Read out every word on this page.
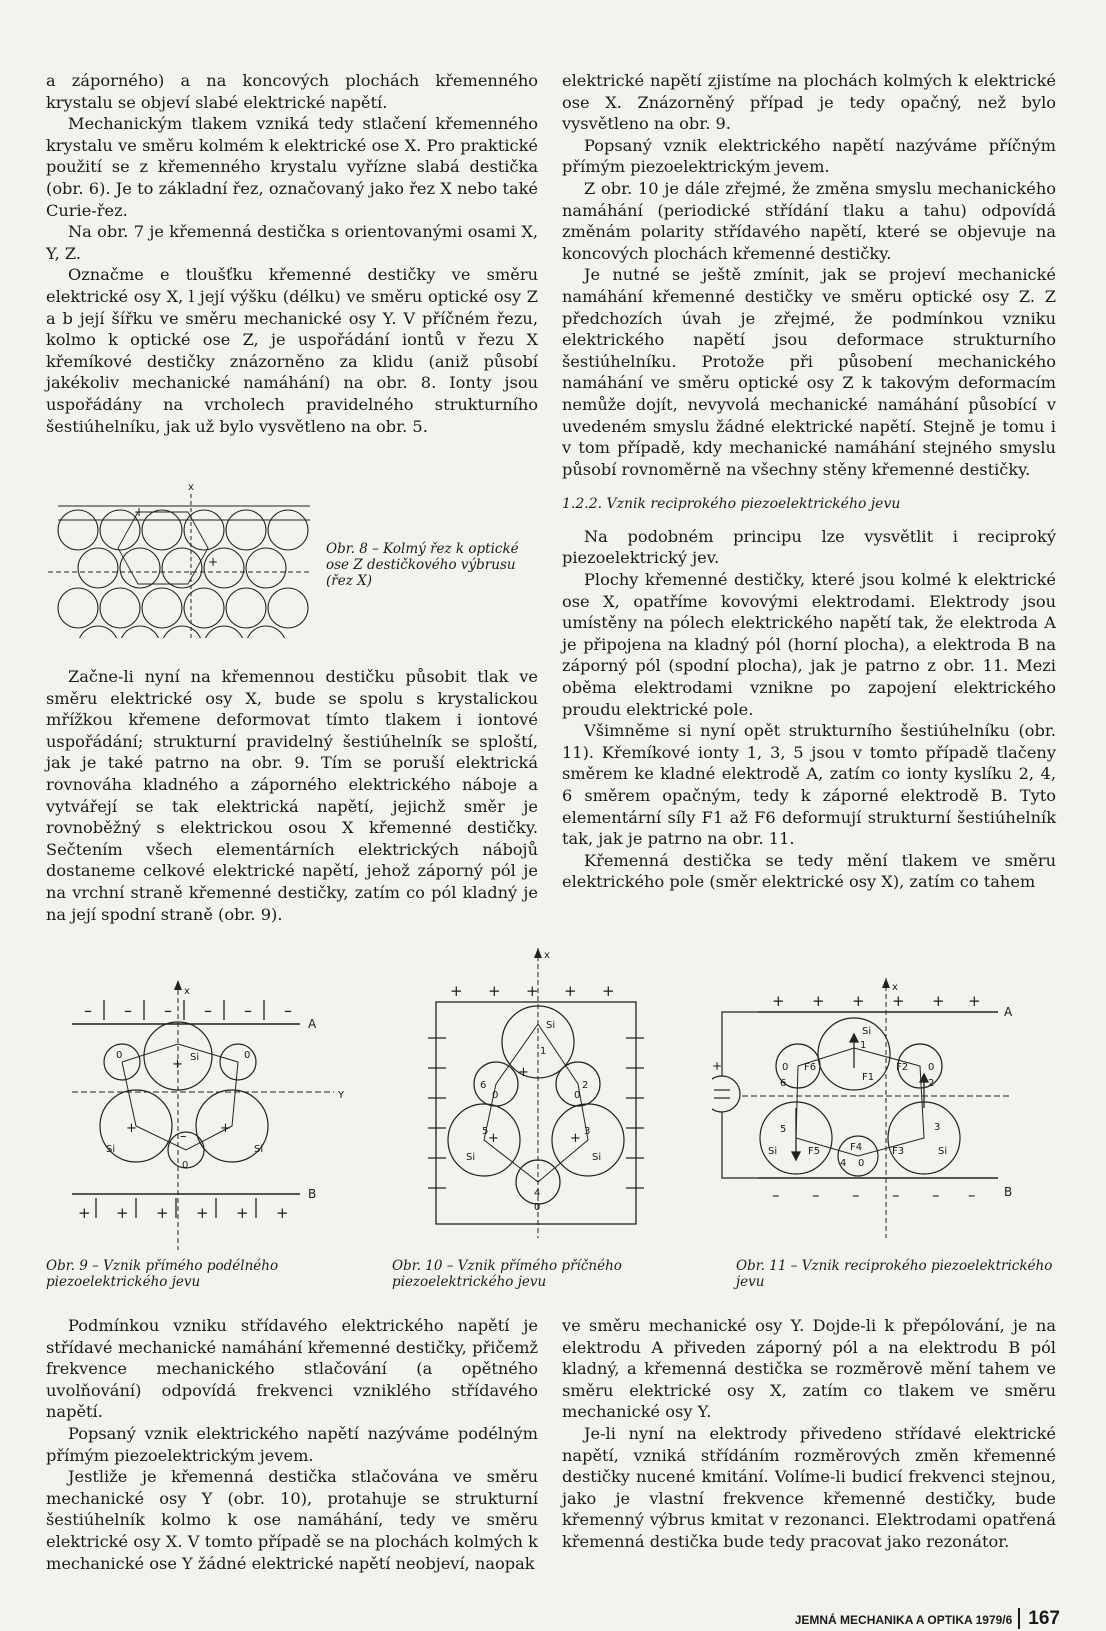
a záporného) a na koncových plochách křemenného krystalu se objeví slabé elektrické napětí.

Mechanickým tlakem vzniká tedy stlačení křemenného krystalu ve směru kolmém k elektrické ose X. Pro praktické použití se z křemenného krystalu vyřízne slabá destička (obr. 6). Je to základní řez, označovaný jako řez X nebo také Curie-řez.

Na obr. 7 je křemenná destička s orientovanými osami X, Y, Z.

Označme e tloušťku křemenné destičky ve směru elektrické osy X, l její výšku (délku) ve směru optické osy Z a b její šířku ve směru mechanické osy Y. V příčném řezu, kolmo k optické ose Z, je uspořádání iontů v řezu X křemíkové destičky znázorněno za klidu (aniž působí jakékoliv mechanické namáhání) na obr. 8. Ionty jsou uspořádány na vrcholech pravidelného strukturního šestiúhelníku, jak už bylo vysvětleno na obr. 5.

elektrické napětí zjistíme na plochách kolmých k elektrické ose X. Znázorněný případ je tedy opačný, než bylo vysvětleno na obr. 9.

Popsaný vznik elektrického napětí nazýváme příčným přímým piezoelektrickým jevem.

Z obr. 10 je dále zřejmé, že změna smyslu mechanického namáhání (periodické střídání tlaku a tahu) odpovídá změnám polarity střídavého napětí, které se objevuje na koncových plochách křemenné destičky.

Je nutné se ještě zmínit, jak se projeví mechanické namáhání křemenné destičky ve směru optické osy Z. Z předchozích úvah je zřejmé, že podmínkou vzniku elektrického napětí jsou deformace strukturního šestiúhelníku. Protože při působení mechanického namáhání ve směru optické osy Z k takovým deformacím nemůže dojít, nevyvolá mechanické namáhání působící v uvedeném smyslu žádné elektrické napětí. Stejně je tomu i v tom případě, kdy mechanické namáhání stejného smyslu působí rovnoměrně na všechny stěny křemenné destičky.

1.2.2. Vznik reciprokého piezoelektrického jevu

Na podobném principu lze vysvětlit i reciproký piezoelektrický jev.

Plochy křemenné destičky, které jsou kolmé k elektrické ose X, opatříme kovovými elektrodami. Elektrody jsou umístěny na pólech elektrického napětí tak, že elektroda A je připojena na kladný pól (horní plocha), a elektroda B na záporný pól (spodní plocha), jak je patrno z obr. 11. Mezi oběma elektrodami vznikne po zapojení elektrického proudu elektrické pole.

Všimněme si nyní opět strukturního šestiúhelníku (obr. 11). Křemíkové ionty 1, 3, 5 jsou v tomto případě tlačeny směrem ke kladné elektrodě A, zatím co ionty kyslíku 2, 4, 6 směrem opačným, tedy k záporné elektrodě B. Tyto elementární síly F1 až F6 deformují strukturní šestiúhelník tak, jak je patrno na obr. 11.

Křemenná destička se tedy mění tlakem ve směru elektrického pole (směr elektrické osy X), zatím co tahem

Začne-li nyní na křemennou destičku působit tlak ve směru elektrické osy X, bude se spolu s krystalickou mřížkou křemene deformovat tímto tlakem i iontové uspořádání; strukturní pravidelný šestiúhelník se sploští, jak je také patrno na obr. 9. Tím se poruší elektrická rovnováha kladného a záporného elektrického náboje a vytvářejí se tak elektrická napětí, jejichž směr je rovnoběžný s elektrickou osou X křemenné destičky. Sečtením všech elementárních elektrických nábojů dostaneme celkové elektrické napětí, jehož záporný pól je na vrchní straně křemenné destičky, zatím co pól kladný je na její spodní straně (obr. 9).

Podmínkou vzniku střídavého elektrického napětí je střídavé mechanické namáhání křemenné destičky, přičemž frekvence mechanického stlačování (a opětného uvolňování) odpovídá frekvenci vzniklého střídavého napětí.

Popsaný vznik elektrického napětí nazýváme podélným přímým piezoelektrickým jevem.

Jestliže je křemenná destička stlačována ve směru mechanické osy Y (obr. 10), protahuje se strukturní šestiúhelník kolmo k ose namáhání, tedy ve směru elektrické osy X. V tomto případě se na plochách kolmých k mechanické ose Y žádné elektrické napětí neobjeví, naopak

ve směru mechanické osy Y. Dojde-li k přepólování, je na elektrodu A přiveden záporný pól a na elektrodu B pól kladný, a křemenná destička se rozměrově mění tahem ve směru elektrické osy X, zatím co tlakem ve směru mechanické osy Y.

Je-li nyní na elektrody přivedeno střídavé elektrické napětí, vzniká střídáním rozměrových změn křemenné destičky nucené kmitání. Volíme-li budicí frekvenci stejnou, jako je vlastní frekvence křemenné destičky, bude křemenný výbrus kmitat v rezonanci. Elektrodami opatřená křemenná destička bude tedy pracovat jako rezonátor.

x
+
+
Obr. 8 – Kolmý řez k optické ose Z destičkového výbrusu (řez X)
x
– – – – – –
A
Y
Si
0	0
Si	Si
0
+
+	+
–
B
+ + + + + +
Obr. 9 – Vznik přímého podélného piezoelektrického jevu
x
+ + + + +
Si
1
6	2
Si	Si
5	3
4
0
0	0
+
+	+
Obr. 10 – Vznik přímého příčného piezoelektrického jevu
x
+ + + + + +
A
B
– – – – – –
+
Si
1
F1
F6	F2
6	2
0	0
5
Si	F5
3
F3	Si
F4
4 0
Obr. 11 – Vznik reciprokého piezoelektrického jevu
JEMNÁ MECHANIKA A OPTIKA 1979/6 167
